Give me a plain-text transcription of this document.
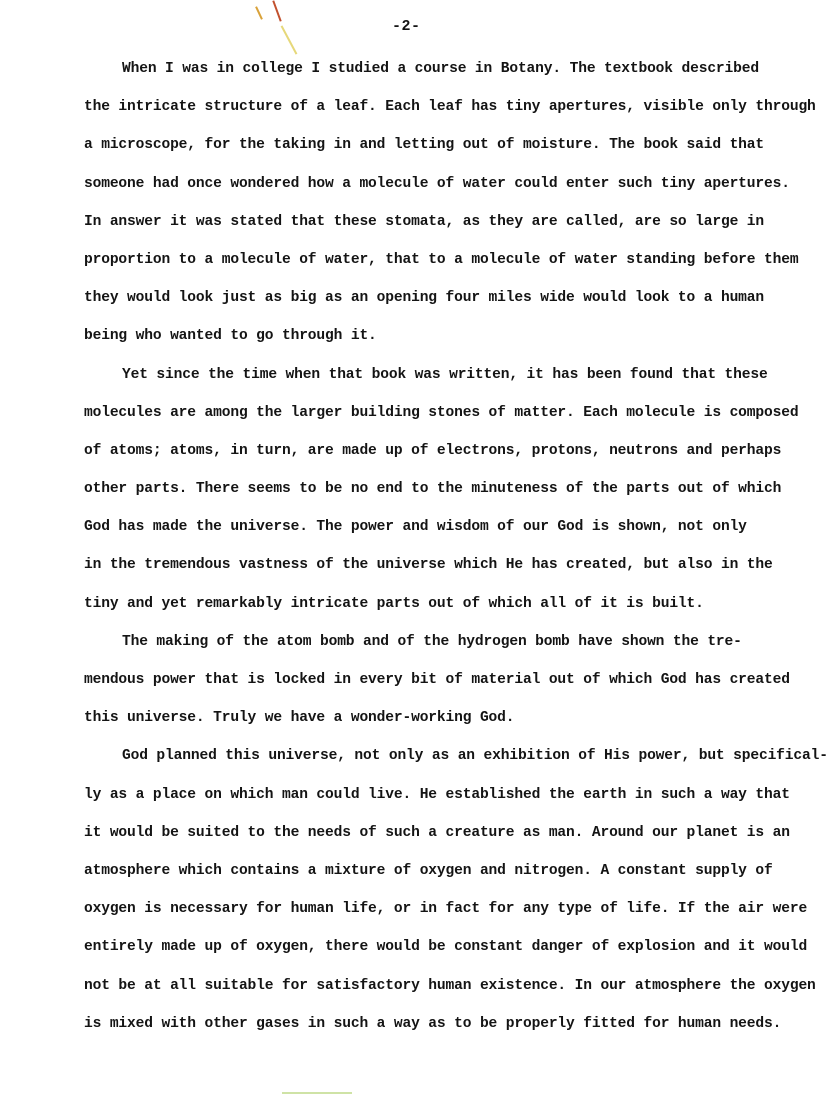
-2-
When I was in college I studied a course in Botany. The textbook described
the intricate structure of a leaf. Each leaf has tiny apertures, visible only through
a microscope, for the taking in and letting out of moisture. The book said that
someone had once wondered how a molecule of water could enter such tiny apertures.
In answer it was stated that these stomata, as they are called, are so large in
proportion to a molecule of water, that to a molecule of water standing before them
they would look just as big as an opening four miles wide would look to a human
being who wanted to go through it.
Yet since the time when that book was written, it has been found that these
molecules are among the larger building stones of matter. Each molecule is composed
of atoms; atoms, in turn, are made up of electrons, protons, neutrons and perhaps
other parts. There seems to be no end to the minuteness of the parts out of which
God has made the universe. The power and wisdom of our God is shown, not only
in the tremendous vastness of the universe which He has created, but also in the
tiny and yet remarkably intricate parts out of which all of it is built.
The making of the atom bomb and of the hydrogen bomb have shown the tre-
mendous power that is locked in every bit of material out of which God has created
this universe. Truly we have a wonder-working God.
God planned this universe, not only as an exhibition of His power, but specifical-
ly as a place on which man could live. He established the earth in such a way that
it would be suited to the needs of such a creature as man. Around our planet is an
atmosphere which contains a mixture of oxygen and nitrogen. A constant supply of
oxygen is necessary for human life, or in fact for any type of life. If the air were
entirely made up of oxygen, there would be constant danger of explosion and it would
not be at all suitable for satisfactory human existence. In our atmosphere the oxygen
is mixed with other gases in such a way as to be properly fitted for human needs.
